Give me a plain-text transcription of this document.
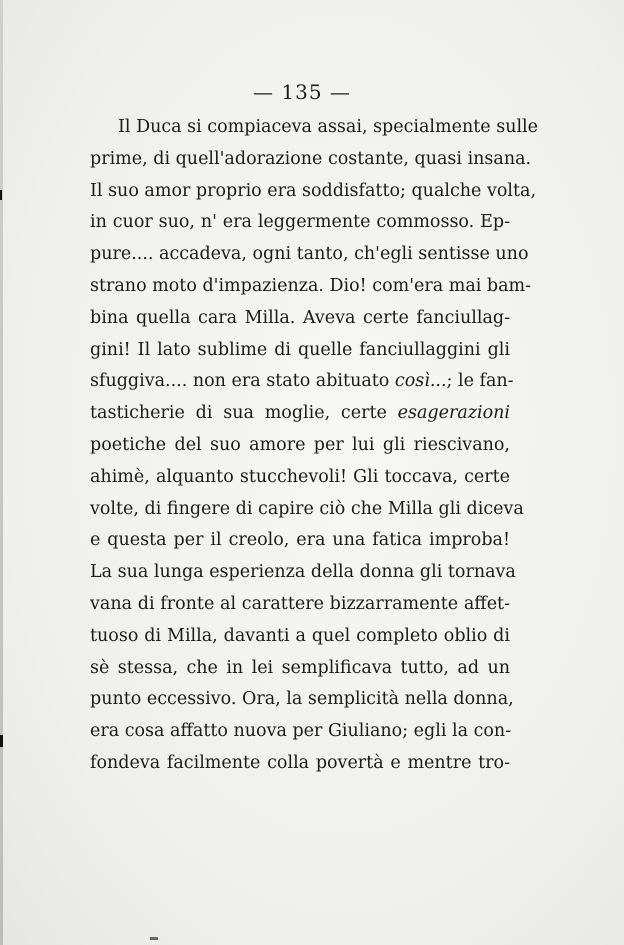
— 135 —
Il Duca si compiaceva assai, specialmente sulle
prime, di quell'adorazione costante, quasi insana.
Il suo amor proprio era soddisfatto; qualche volta,
in cuor suo, n' era leggermente commosso. Ep-
pure.... accadeva, ogni tanto, ch'egli sentisse uno
strano moto d'impazienza. Dio! com'era mai bam-
bina quella cara Milla. Aveva certe fanciullag-
gini! Il lato sublime di quelle fanciullaggini gli
sfuggiva.... non era stato abituato così...; le fan-
tasticherie di sua moglie, certe esagerazioni
poetiche del suo amore per lui gli riescivano,
ahimè, alquanto stucchevoli! Gli toccava, certe
volte, di fingere di capire ciò che Milla gli diceva
e questa per il creolo, era una fatica improba!
La sua lunga esperienza della donna gli tornava
vana di fronte al carattere bizzarramente affet-
tuoso di Milla, davanti a quel completo oblio di
sè stessa, che in lei semplificava tutto, ad un
punto eccessivo. Ora, la semplicità nella donna,
era cosa affatto nuova per Giuliano; egli la con-
fondeva facilmente colla povertà e mentre tro-
